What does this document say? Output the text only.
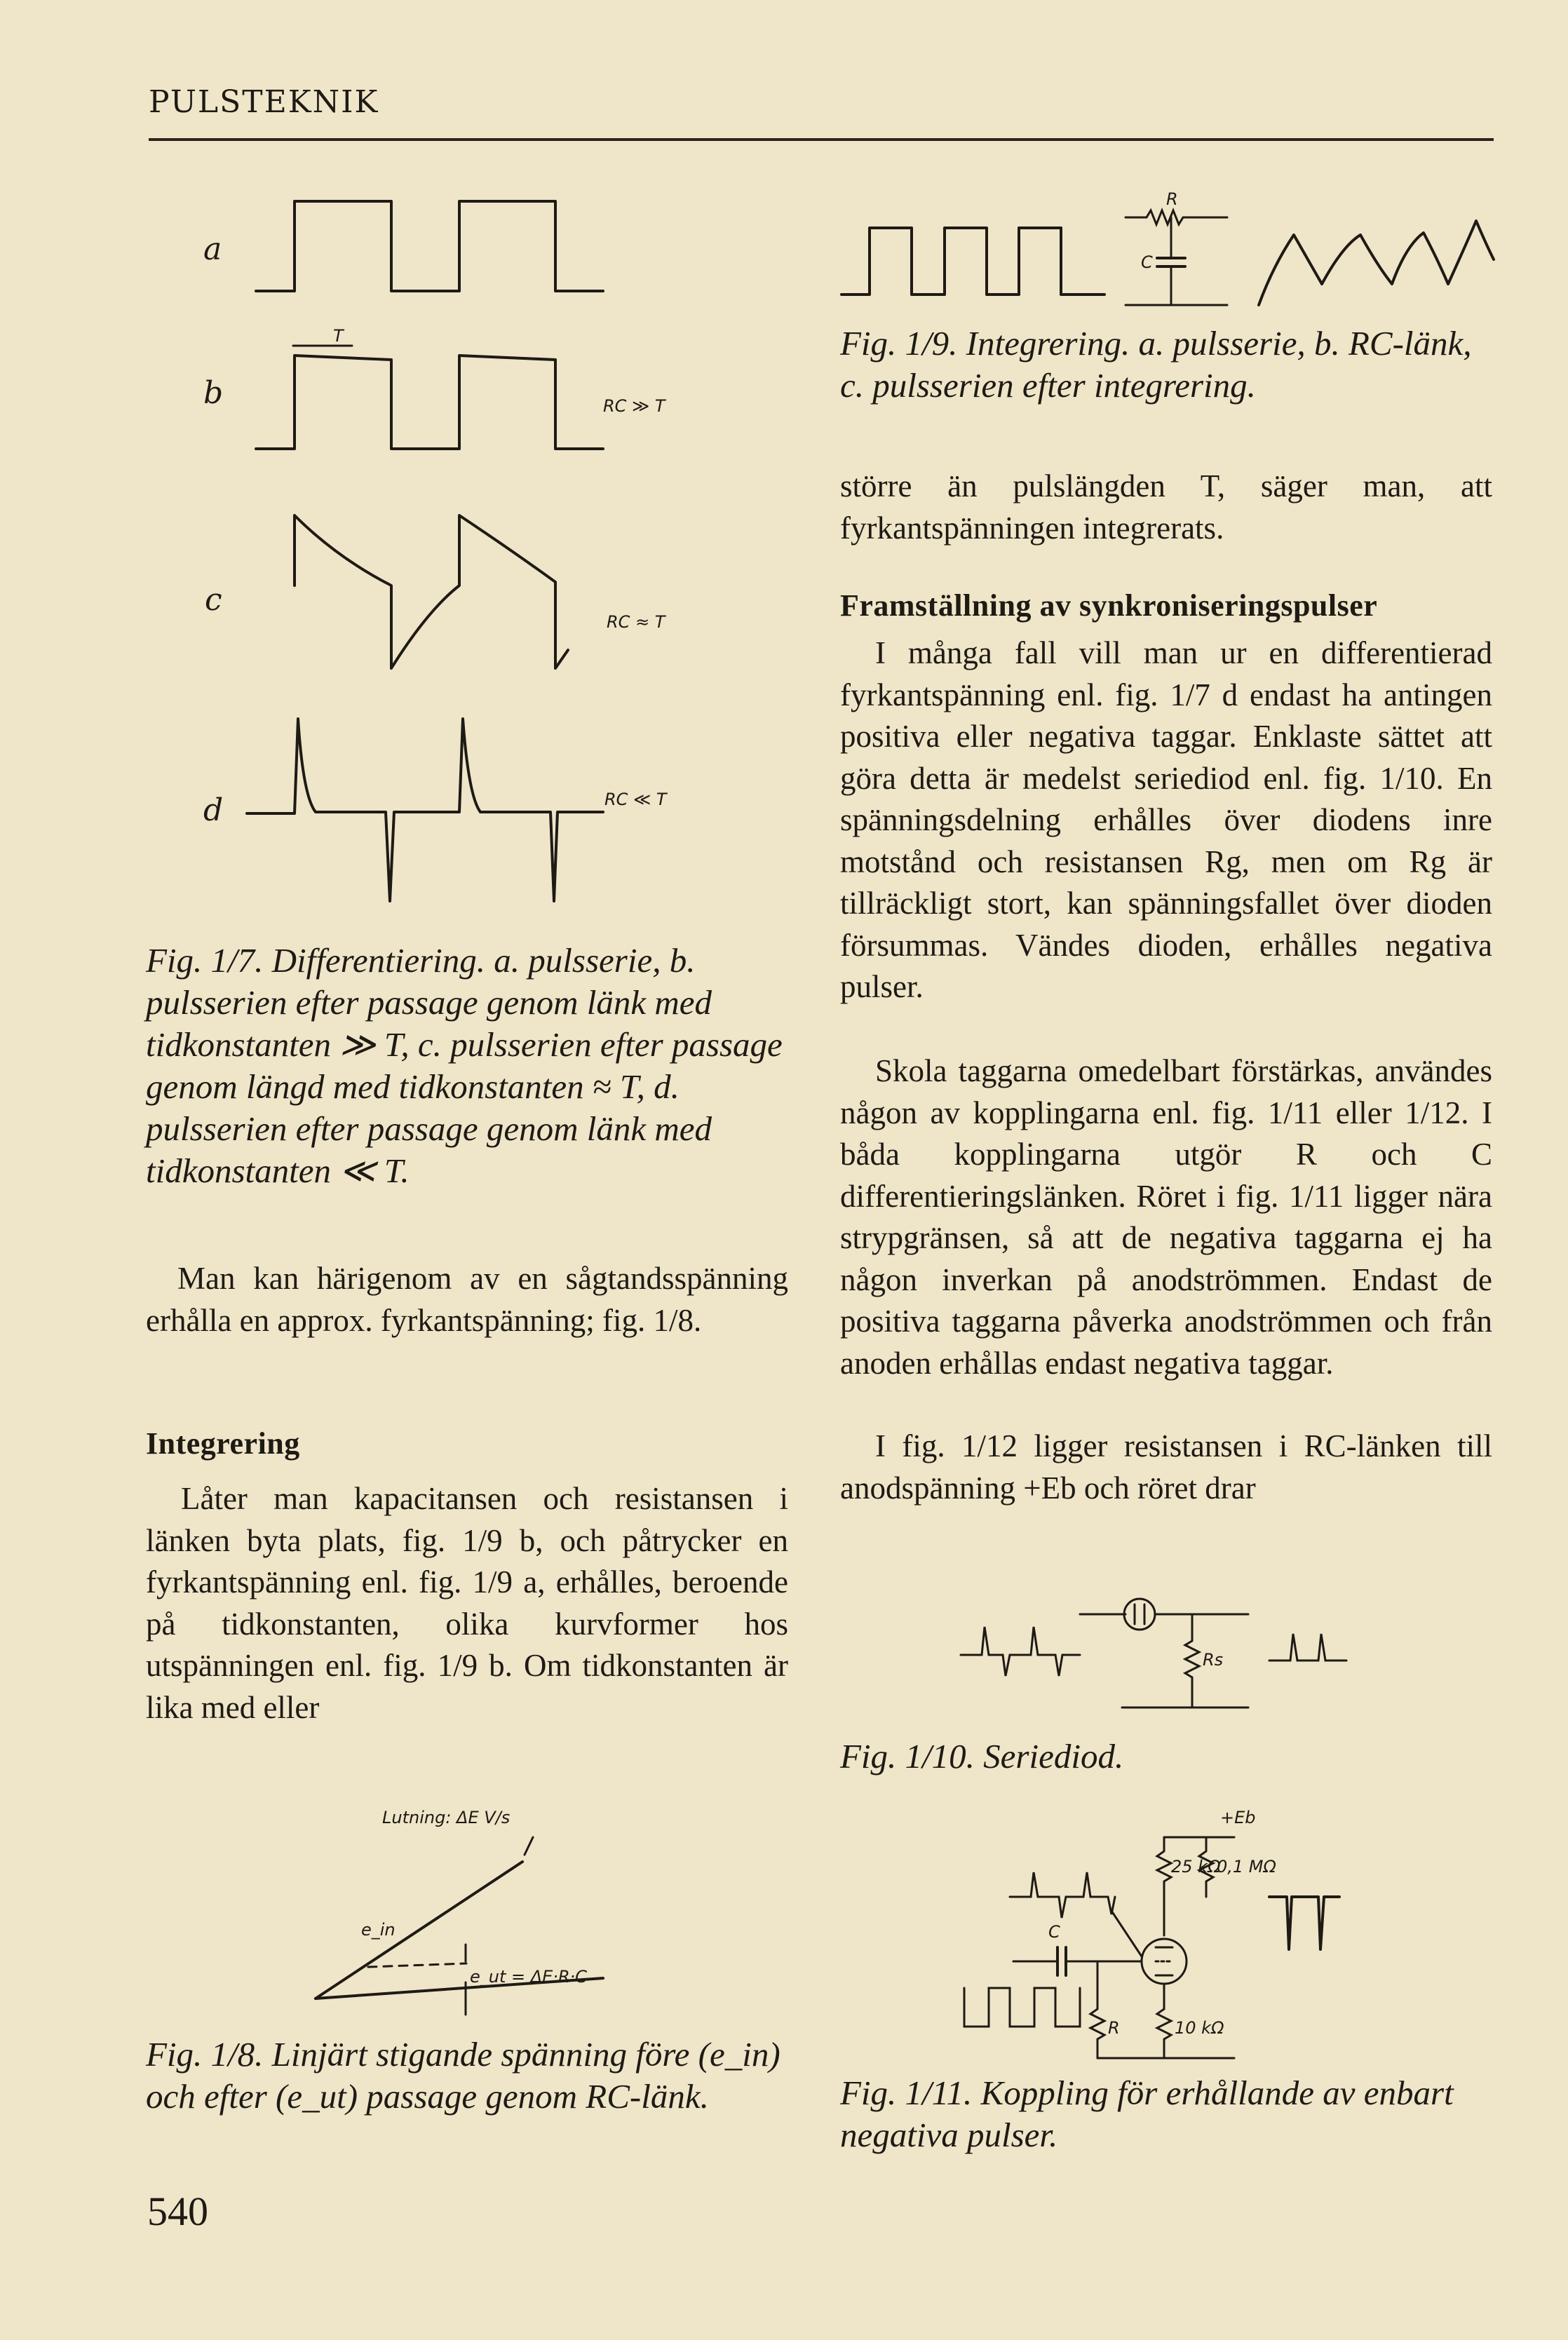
PULSTEKNIK
a
T
b	RC ≫ T
c
RC ≈ T
d	RC ≪ T

Fig. 1/7. Differentiering. a. pulsserie, b. pulsserien efter passage genom länk med tidkonstanten ≫ T, c. pulsserien efter passage genom längd med tidkonstanten ≈ T, d. pulsserien efter passage genom länk med tidkonstanten ≪ T.

Man kan härigenom av en sågtandsspänning erhålla en approx. fyrkantspänning; fig. 1/8.

Integrering

Låter man kapacitansen och resistansen i länken byta plats, fig. 1/9 b, och påtrycker en fyrkantspänning enl. fig. 1/9 a, erhålles, beroende på tidkonstanten, olika kurvformer hos utspänningen enl. fig. 1/9 b. Om tidkonstanten är lika med eller

Lutning: ΔE V/s
e_in
e_ut = ΔE·R·C

Fig. 1/8. Linjärt stigande spänning före (e_in) och efter (e_ut) passage genom RC-länk.

540
R
C

Fig. 1/9. Integrering. a. pulsserie, b. RC-länk, c. pulsserien efter integrering.

större än pulslängden T, säger man, att fyrkantspänningen integrerats.

Framställning av synkroniseringspulser

I många fall vill man ur en differentierad fyrkantspänning enl. fig. 1/7 d endast ha antingen positiva eller negativa taggar. Enklaste sättet att göra detta är medelst seriediod enl. fig. 1/10. En spänningsdelning erhålles över diodens inre motstånd och resistansen Rg, men om Rg är tillräckligt stort, kan spänningsfallet över dioden försummas. Vändes dioden, erhålles negativa pulser.

Skola taggarna omedelbart förstärkas, användes någon av kopplingarna enl. fig. 1/11 eller 1/12. I båda kopplingarna utgör R och C differentieringslänken. Röret i fig. 1/11 ligger nära strypgränsen, så att de negativa taggarna ej ha någon inverkan på anodströmmen. Endast de positiva taggarna påverka anodströmmen och från anoden erhållas endast negativa taggar.

I fig. 1/12 ligger resistansen i RC-länken till anodspänning +Eb och röret drar

Rs

Fig. 1/10. Seriediod.

+Eb
25 kΩ
0,1 MΩ
10 kΩ
C
R

Fig. 1/11. Koppling för erhållande av enbart negativa pulser.
